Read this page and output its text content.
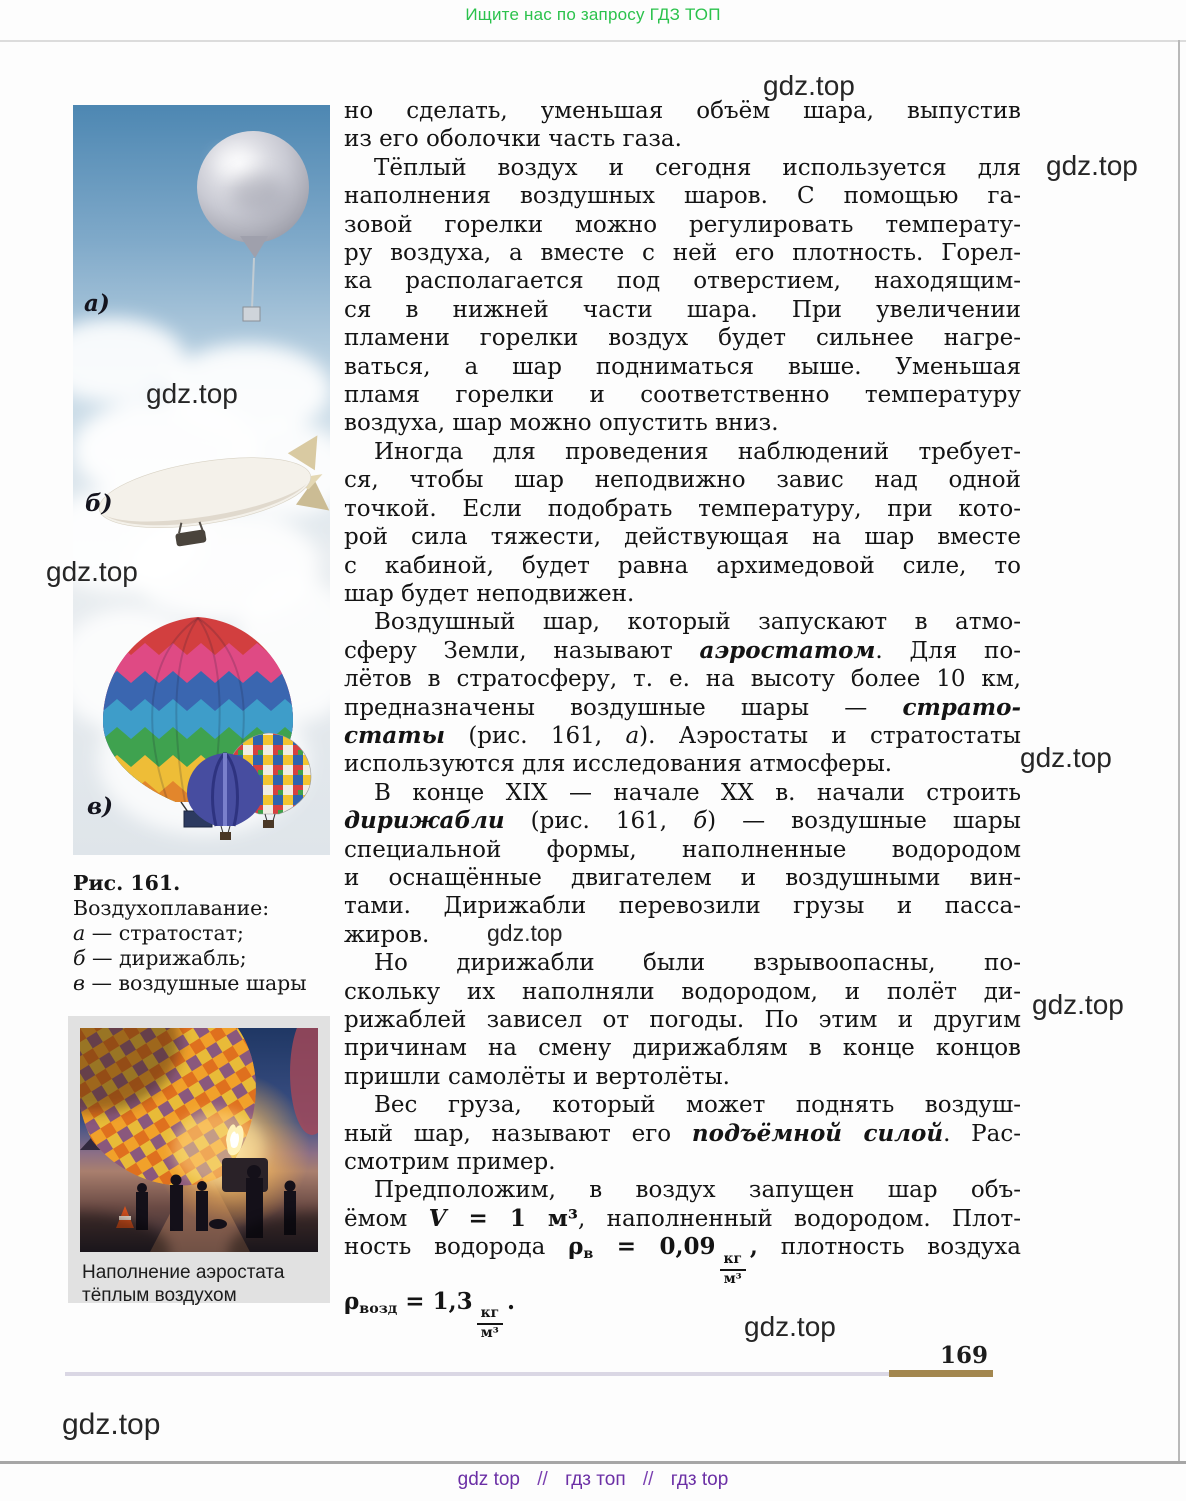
Ищите нас по запросу ГДЗ ТОП
а)
б)
в)
Рис. 161.
Воздухоплавание:
а — стратостат;
б — дирижабль;
в — воздушные шары
Наполнение аэростата тёплым воздухом
но сделать, уменьшая объём шара, выпустив
из его оболочки часть газа.
Тёплый воздух и сегодня используется для
наполнения воздушных шаров. С помощью га-
зовой горелки можно регулировать температу-
ру воздуха, а вместе с ней его плотность. Горел-
ка располагается под отверстием, находящим-
ся в нижней части шара. При увеличении
пламени горелки воздух будет сильнее нагре-
ваться, а шар подниматься выше. Уменьшая
пламя горелки и соответственно температуру
воздуха, шар можно опустить вниз.
Иногда для проведения наблюдений требует-
ся, чтобы шар неподвижно завис над одной
точкой. Если подобрать температуру, при кото-
рой сила тяжести, действующая на шар вместе
с кабиной, будет равна архимедовой силе, то
шар будет неподвижен.
Воздушный шар, который запускают в атмо-
сферу Земли, называют аэростатом. Для по-
лётов в стратосферу, т. е. на высоту более 10 км,
предназначены воздушные шары — страто-
статы (рис. 161, а). Аэростаты и стратостаты
используются для исследования атмосферы.
В конце XIX — начале XX в. начали строить
дирижабли (рис. 161, б) — воздушные шары
специальной формы, наполненные водородом
и оснащённые двигателем и воздушными вин-
тами. Дирижабли перевозили грузы и пасса-
жиров.
Но дирижабли были взрывоопасны, по-
скольку их наполняли водородом, и полёт ди-
рижаблей зависел от погоды. По этим и другим
причинам на смену дирижаблям в конце концов
пришли самолёты и вертолёты.
Вес груза, который может поднять воздуш-
ный шар, называют его подъёмной силой. Рас-
смотрим пример.
Предположим, в воздух запущен шар объ-
ёмом V = 1 м³, наполненный водородом. Плот-
ность водорода ρв = 0,09
$\frac{кг}{\text{м³}}$
, плотность воздуха
ρвозд = 1,3
$\frac{кг}{\text{м³}}$
.
169
gdz top // гдз топ // гдз top
gdz.top
gdz.top
gdz.top
gdz.top
gdz.top
gdz.top
gdz.top
gdz.top
gdz.top
